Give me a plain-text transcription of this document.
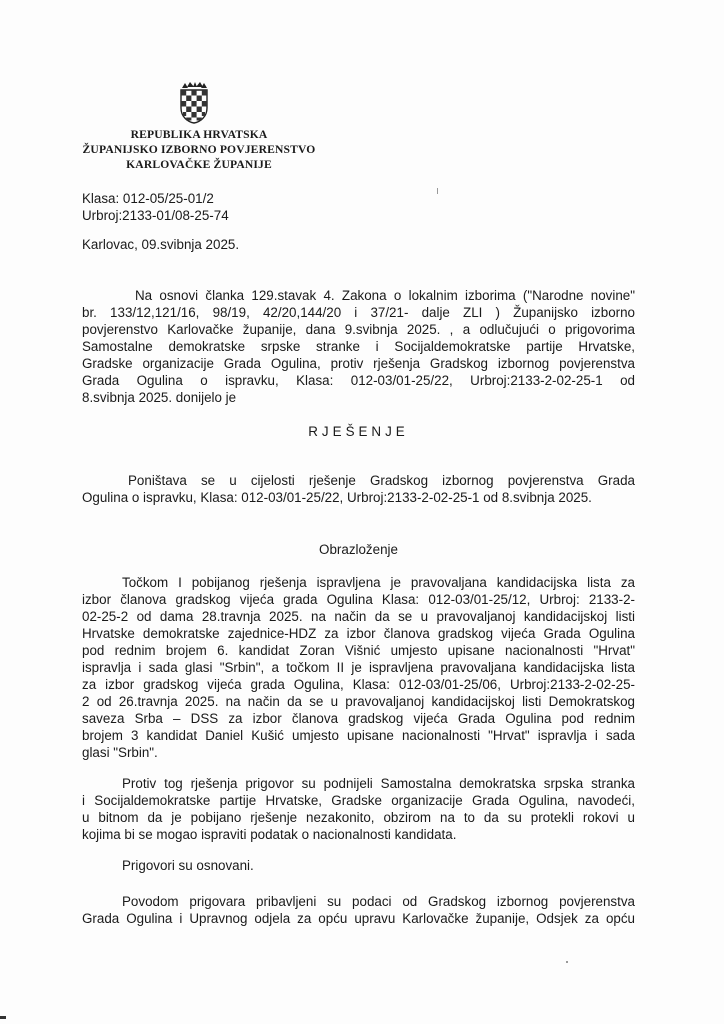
REPUBLIKA HRVATSKA
ŽUPANIJSKO IZBORNO POVJERENSTVO
KARLOVAČKE ŽUPANIJE
Klasa: 012-05/25-01/2
Urbroj:2133-01/08-25-74
Karlovac, 09.svibnja 2025.
Na osnovi članka 129.stavak 4. Zakona o lokalnim izborima ("Narodne novine"
br. 133/12,121/16, 98/19, 42/20,144/20 i 37/21- dalje ZLI ) Županijsko izborno
povjerenstvo Karlovačke županije, dana 9.svibnja 2025. , a odlučujući o prigovorima
Samostalne demokratske srpske stranke i Socijaldemokratske partije Hrvatske,
Gradske organizacije Grada Ogulina, protiv rješenja Gradskog izbornog povjerenstva
Grada Ogulina o ispravku, Klasa: 012-03/01-25/22, Urbroj:2133-2-02-25-1 od
8.svibnja 2025. donijelo je
RJEŠENJE
Poništava se u cijelosti rješenje Gradskog izbornog povjerenstva Grada
Ogulina o ispravku, Klasa: 012-03/01-25/22, Urbroj:2133-2-02-25-1 od 8.svibnja 2025.
Obrazloženje
Točkom I pobijanog rješenja ispravljena je pravovaljana kandidacijska lista za
izbor članova gradskog vijeća grada Ogulina Klasa: 012-03/01-25/12, Urbroj: 2133-2-
02-25-2 od dama 28.travnja 2025. na način da se u pravovaljanoj kandidacijskoj listi
Hrvatske demokratske zajednice-HDZ za izbor članova gradskog vijeća Grada Ogulina
pod rednim brojem 6. kandidat Zoran Višnić umjesto upisane nacionalnosti "Hrvat"
ispravlja i sada glasi "Srbin", a točkom II je ispravljena pravovaljana kandidacijska lista
za izbor gradskog vijeća grada Ogulina, Klasa: 012-03/01-25/06, Urbroj:2133-2-02-25-
2 od 26.travnja 2025. na način da se u pravovaljanoj kandidacijskoj listi Demokratskog
saveza Srba – DSS za izbor članova gradskog vijeća Grada Ogulina pod rednim
brojem 3 kandidat Daniel Kušić umjesto upisane nacionalnosti "Hrvat" ispravlja i sada
glasi "Srbin".
Protiv tog rješenja prigovor su podnijeli Samostalna demokratska srpska stranka
i Socijaldemokratske partije Hrvatske, Gradske organizacije Grada Ogulina, navodeći,
u bitnom da je pobijano rješenje nezakonito, obzirom na to da su protekli rokovi u
kojima bi se mogao ispraviti podatak o nacionalnosti kandidata.
Prigovori su osnovani.
Povodom prigovara pribavljeni su podaci od Gradskog izbornog povjerenstva
Grada Ogulina i Upravnog odjela za opću upravu Karlovačke županije, Odsjek za opću
